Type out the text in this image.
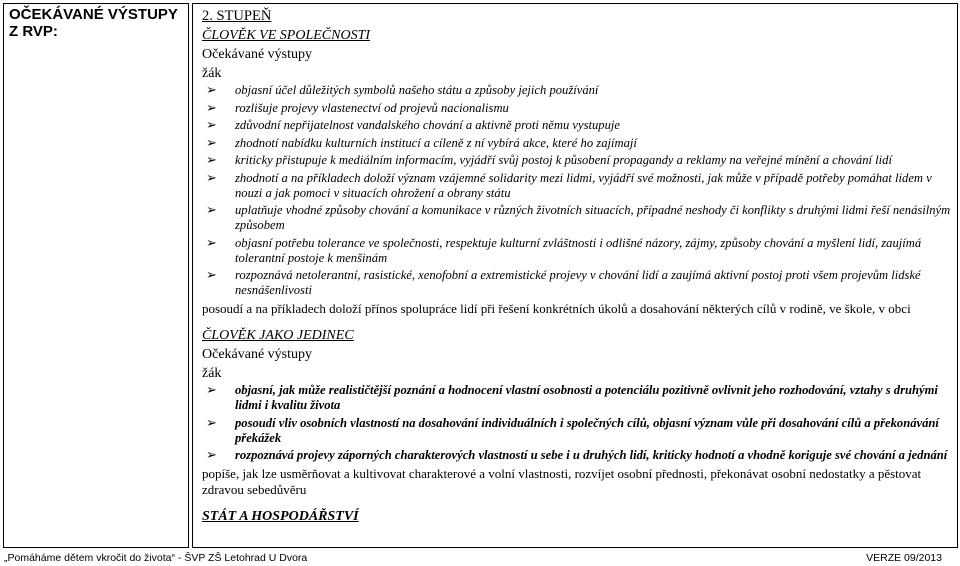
OČEKÁVANÉ VÝSTUPY
Z RVP:
2. STUPEŇ
ČLOVĚK VE SPOLEČNOSTI
Očekávané výstupy
žák
➢ objasní účel důležitých symbolů našeho státu a způsoby jejich používání
➢ rozlišuje projevy vlastenectví od projevů nacionalismu
➢ zdůvodní nepřijatelnost vandalského chování a aktivně proti němu vystupuje
➢ zhodnotí nabídku kulturních institucí a cíleně z ní vybírá akce, které ho zajímají
➢ kriticky přistupuje k mediálním informacím, vyjádří svůj postoj k působení propagandy a reklamy na veřejné mínění a chování lidí
➢ zhodnotí a na příkladech doloží význam vzájemné solidarity mezi lidmi, vyjádří své možnosti, jak může v případě potřeby pomáhat lidem v nouzi a jak pomoci v situacích ohrožení a obrany státu
➢ uplatňuje vhodné způsoby chování a komunikace v různých životních situacích, případné neshody či konflikty s druhými lidmi řeší nenásilným způsobem
➢ objasní potřebu tolerance ve společnosti, respektuje kulturní zvláštnosti i odlišné názory, zájmy, způsoby chování a myšlení lidí, zaujímá tolerantní postoje k menšinám
➢ rozpoznává netolerantní, rasistické, xenofobní a extremistické projevy v chování lidí a zaujímá aktivní postoj proti všem projevům lidské nesnášenlivosti
posoudí a na příkladech doloží přínos spolupráce lidí při řešení konkrétních úkolů a dosahování některých cílů v rodině, ve škole, v obci
ČLOVĚK JAKO JEDINEC
Očekávané výstupy
žák
➢ objasní, jak může realističtější poznání a hodnocení vlastní osobnosti a potenciálu pozitivně ovlivnit jeho rozhodování, vztahy s druhými lidmi i kvalitu života
➢ posoudí vliv osobních vlastností na dosahování individuálních i společných cílů, objasní význam vůle při dosahování cílů a překonávání překážek
➢ rozpoznává projevy záporných charakterových vlastností u sebe i u druhých lidí, kriticky hodnotí a vhodně koriguje své chování a jednání
popíše, jak lze usměrňovat a kultivovat charakterové a volní vlastnosti, rozvíjet osobní přednosti, překonávat osobní nedostatky a pěstovat zdravou sebedůvěru
STÁT A HOSPODÁŘSTVÍ
„Pomáháme dětem vkročit do života“ - ŠVP ZŠ Letohrad U Dvora	VERZE 09/2013
